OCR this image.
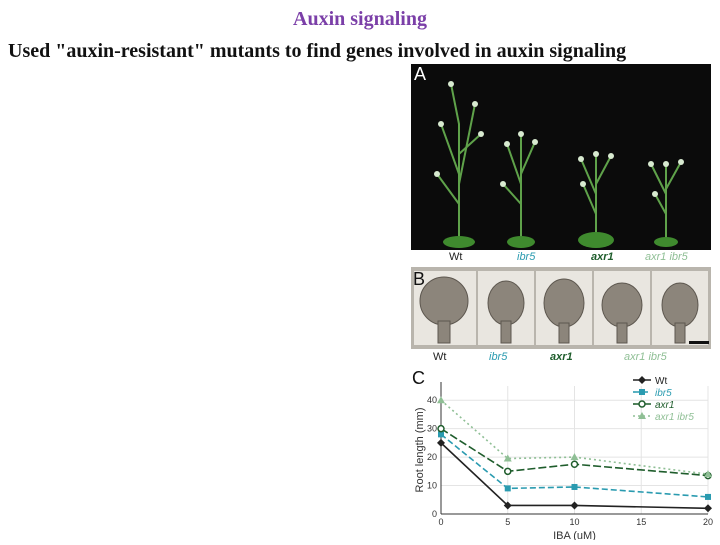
Auxin signaling

Used "auxin-resistant" mutants to find genes involved in auxin signaling

A
Wt	ibr5	axr1	axr1 ibr5
B
Wt	ibr5	axr1	axr1 ibr5
C
0
10
20
30
40
0	5	10	15	20
IBA (uM)
Root length (mm)
Wt
ibr5
axr1
axr1 ibr5
